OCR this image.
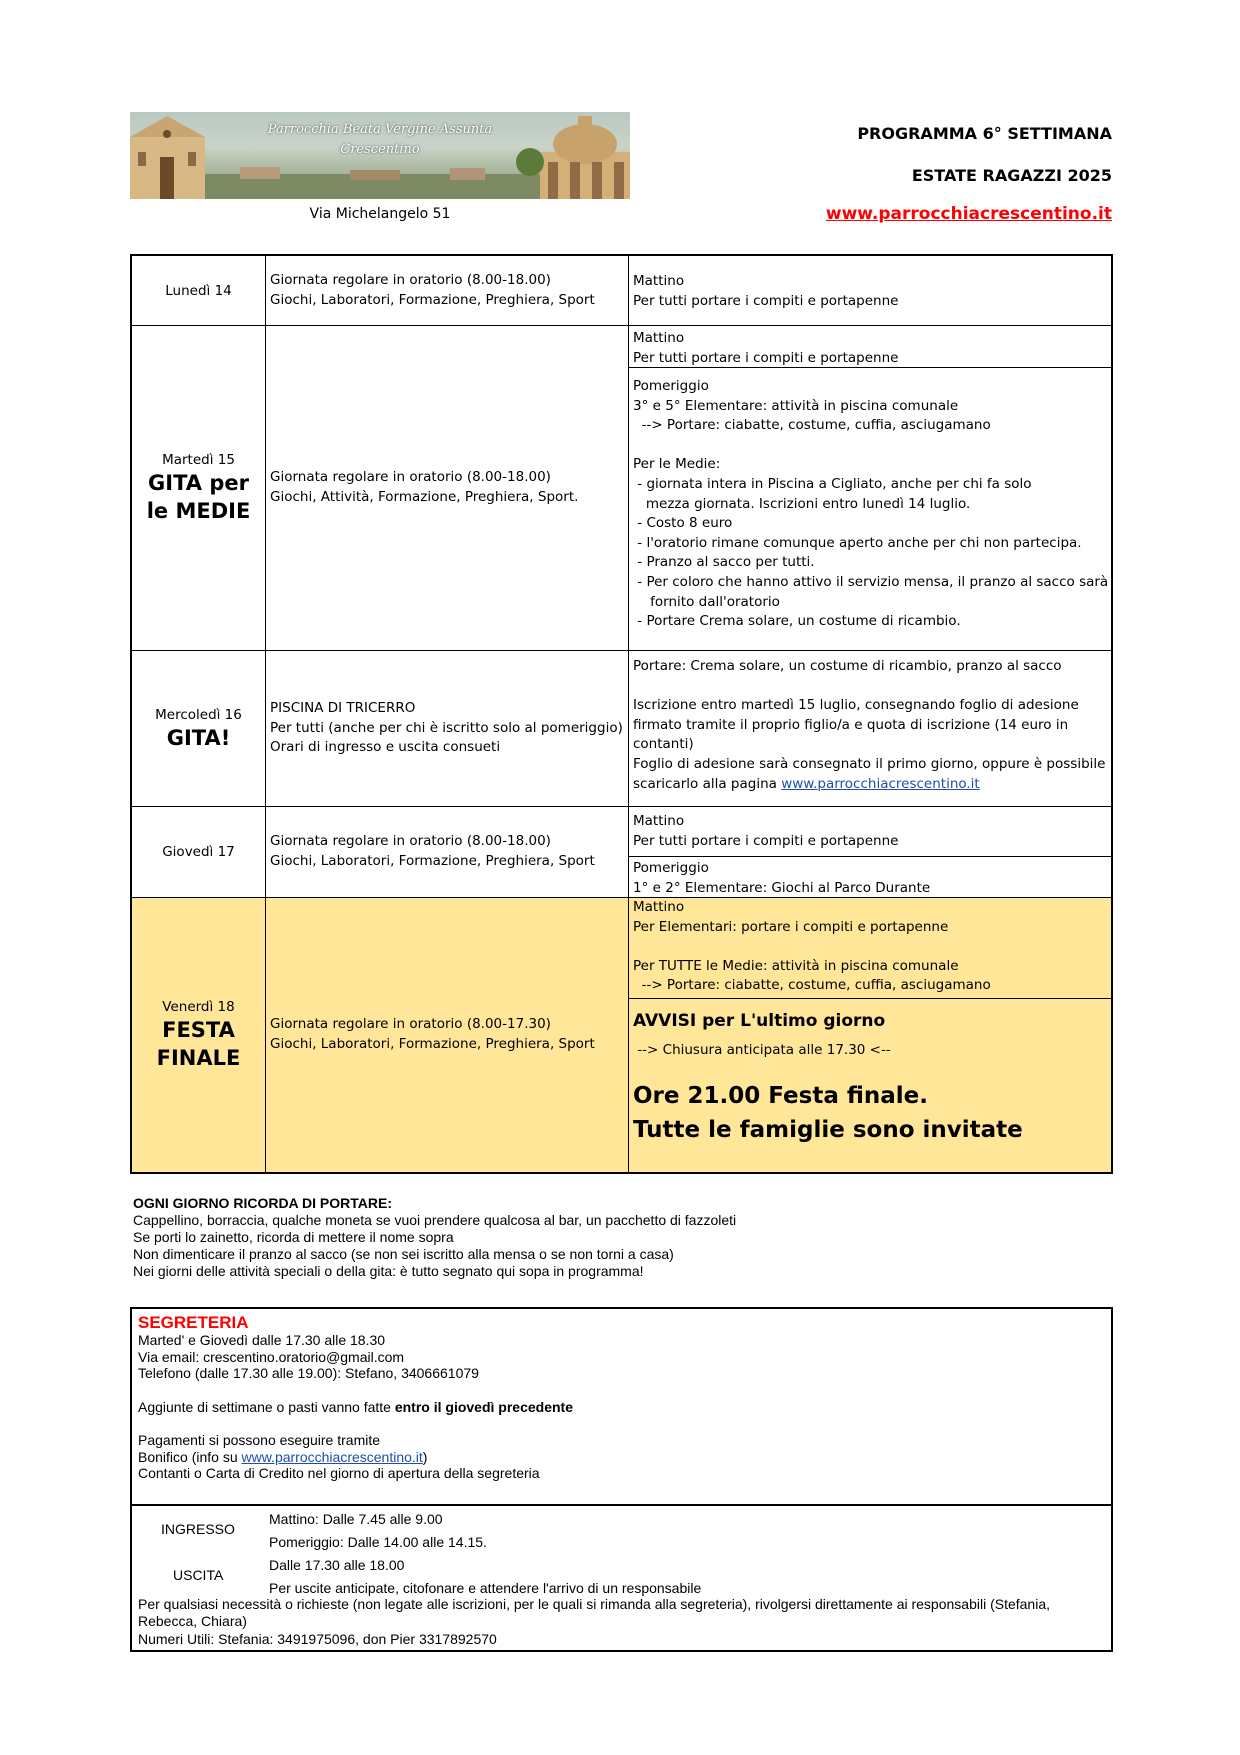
Parrocchia Beata Vergine Assunta
Crescentino
Via Michelangelo 51
PROGRAMMA 6° SETTIMANA
ESTATE RAGAZZI 2025
www.parrocchiacrescentino.it
Lunedì 14
Giornata regolare in oratorio (8.00-18.00)
Giochi, Laboratori, Formazione, Preghiera, Sport
Mattino
Per tutti portare i compiti e portapenne
Martedì 15
GITA per
le MEDIE
Giornata regolare in oratorio (8.00-18.00)
Giochi, Attività, Formazione, Preghiera, Sport.
Mattino
Per tutti portare i compiti e portapenne
Pomeriggio
3° e 5° Elementare: attività in piscina comunale
--> Portare: ciabatte, costume, cuffia, asciugamano
Per le Medie:
- giornata intera in Piscina a Cigliato, anche per chi fa solo
mezza giornata. Iscrizioni entro lunedì 14 luglio.
- Costo 8 euro
- l'oratorio rimane comunque aperto anche per chi non partecipa.
- Pranzo al sacco per tutti.
- Per coloro che hanno attivo il servizio mensa, il pranzo al sacco sarà
fornito dall'oratorio
- Portare Crema solare, un costume di ricambio.
Mercoledì 16
GITA!
PISCINA DI TRICERRO
Per tutti (anche per chi è iscritto solo al pomeriggio)
Orari di ingresso e uscita consueti
Portare: Crema solare, un costume di ricambio, pranzo al sacco
Iscrizione entro martedì 15 luglio, consegnando foglio di adesione
firmato tramite il proprio figlio/a e quota di iscrizione (14 euro in
contanti)
Foglio di adesione sarà consegnato il primo giorno, oppure è possibile
scaricarlo alla pagina www.parrocchiacrescentino.it
Giovedì 17
Giornata regolare in oratorio (8.00-18.00)
Giochi, Laboratori, Formazione, Preghiera, Sport
Mattino
Per tutti portare i compiti e portapenne
Pomeriggio
1° e 2° Elementare: Giochi al Parco Durante
Venerdì 18
FESTA
FINALE
Giornata regolare in oratorio (8.00-17.30)
Giochi, Laboratori, Formazione, Preghiera, Sport
Mattino
Per Elementari: portare i compiti e portapenne
Per TUTTE le Medie: attività in piscina comunale
--> Portare: ciabatte, costume, cuffia, asciugamano
AVVISI per L'ultimo giorno
--> Chiusura anticipata alle 17.30 <--
Ore 21.00 Festa finale.
Tutte le famiglie sono invitate
OGNI GIORNO RICORDA DI PORTARE:
Cappellino, borraccia, qualche moneta se vuoi prendere qualcosa al bar, un pacchetto di fazzoleti
Se porti lo zainetto, ricorda di mettere il nome sopra
Non dimenticare il pranzo al sacco (se non sei iscritto alla mensa o se non torni a casa)
Nei giorni delle attività speciali o della gita: è tutto segnato qui sopa in programma!
SEGRETERIA
Marted' e Giovedì dalle 17.30 alle 18.30
Via email: crescentino.oratorio@gmail.com
Telefono (dalle 17.30 alle 19.00): Stefano, 3406661079
Aggiunte di settimane o pasti vanno fatte entro il giovedì precedente
Pagamenti si possono eseguire tramite
Bonifico (info su www.parrocchiacrescentino.it)
Contanti o Carta di Credito nel giorno di apertura della segreteria
INGRESSO
Mattino: Dalle 7.45 alle 9.00
Pomeriggio: Dalle 14.00 alle 14.15.
USCITA
Dalle 17.30 alle 18.00
Per uscite anticipate, citofonare e attendere l'arrivo di un responsabile
Per qualsiasi necessità o richieste (non legate alle iscrizioni, per le quali si rimanda alla segreteria), rivolgersi direttamente ai responsabili (Stefania, Rebecca, Chiara)
Numeri Utili: Stefania: 3491975096, don Pier 3317892570
